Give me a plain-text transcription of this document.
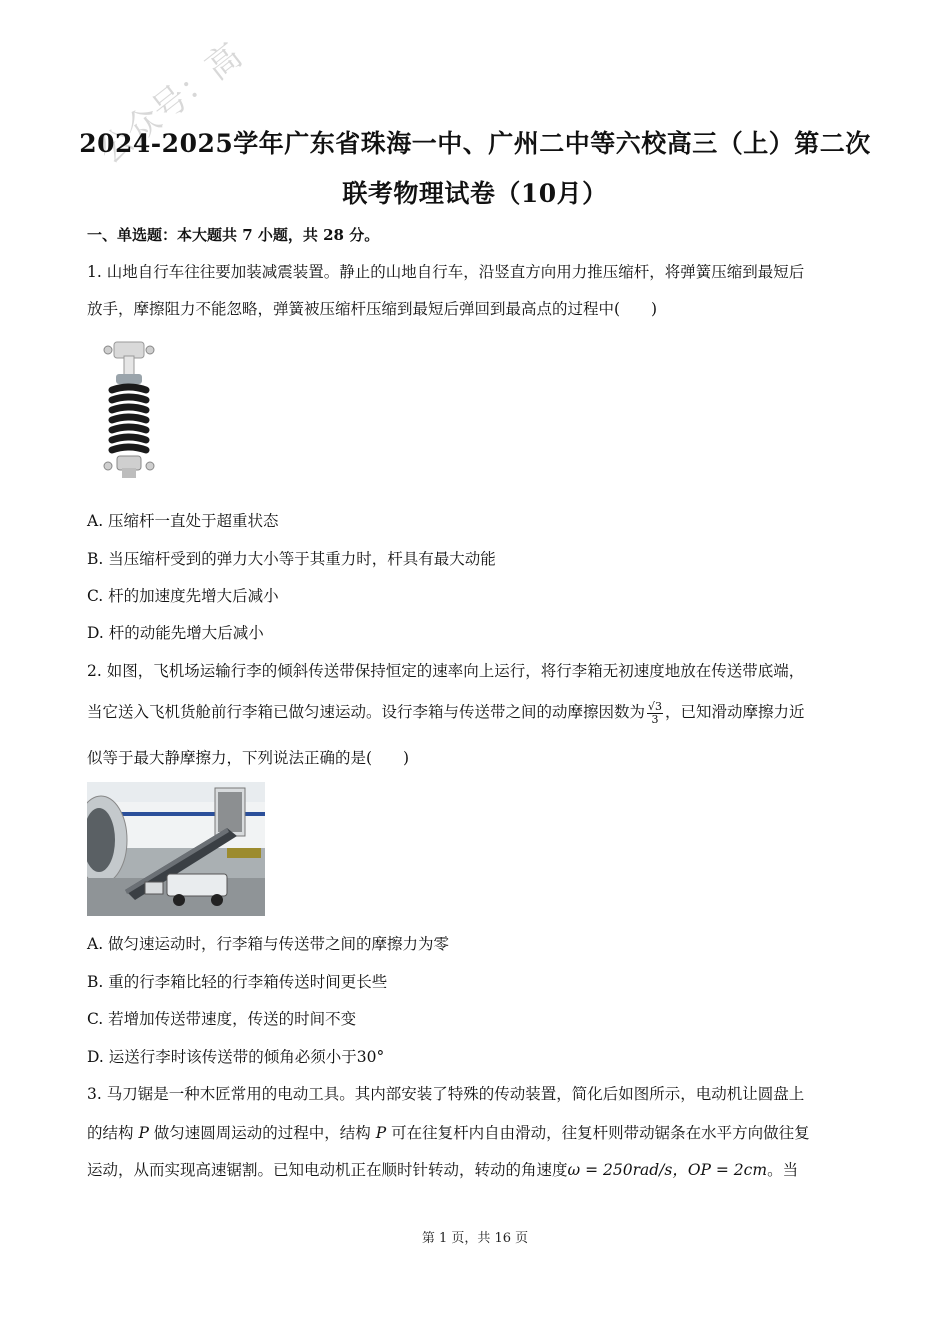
公众号：高
2024-2025学年广东省珠海一中、广州二中等六校高三（上）第二次
联考物理试卷（10月）
一、单选题：本大题共 7 小题，共 28 分。
1. 山地自行车往往要加装减震装置。静止的山地自行车，沿竖直方向用力推压缩杆，将弹簧压缩到最短后
放手，摩擦阻力不能忽略，弹簧被压缩杆压缩到最短后弹回到最高点的过程中(　　)
A. 压缩杆一直处于超重状态
B. 当压缩杆受到的弹力大小等于其重力时，杆具有最大动能
C. 杆的加速度先增大后减小
D. 杆的动能先增大后减小
2. 如图，飞机场运输行李的倾斜传送带保持恒定的速率向上运行，将行李箱无初速度地放在传送带底端，
当它送入飞机货舱前行李箱已做匀速运动。设行李箱与传送带之间的动摩擦因数为 $\frac{√3}{3}$ ，已知滑动摩擦力近
似等于最大静摩擦力，下列说法正确的是(　　)
A. 做匀速运动时，行李箱与传送带之间的摩擦力为零
B. 重的行李箱比轻的行李箱传送时间更长些
C. 若增加传送带速度，传送的时间不变
D. 运送行李时该传送带的倾角必须小于30°
3. 马刀锯是一种木匠常用的电动工具。其内部安装了特殊的传动装置，简化后如图所示，电动机让圆盘上
的结构 P 做匀速圆周运动的过程中，结构 P 可在往复杆内自由滑动，往复杆则带动锯条在水平方向做往复
运动，从而实现高速锯割。已知电动机正在顺时针转动，转动的角速度ω = 250rad/s，OP = 2cm。当
第 1 页，共 16 页
